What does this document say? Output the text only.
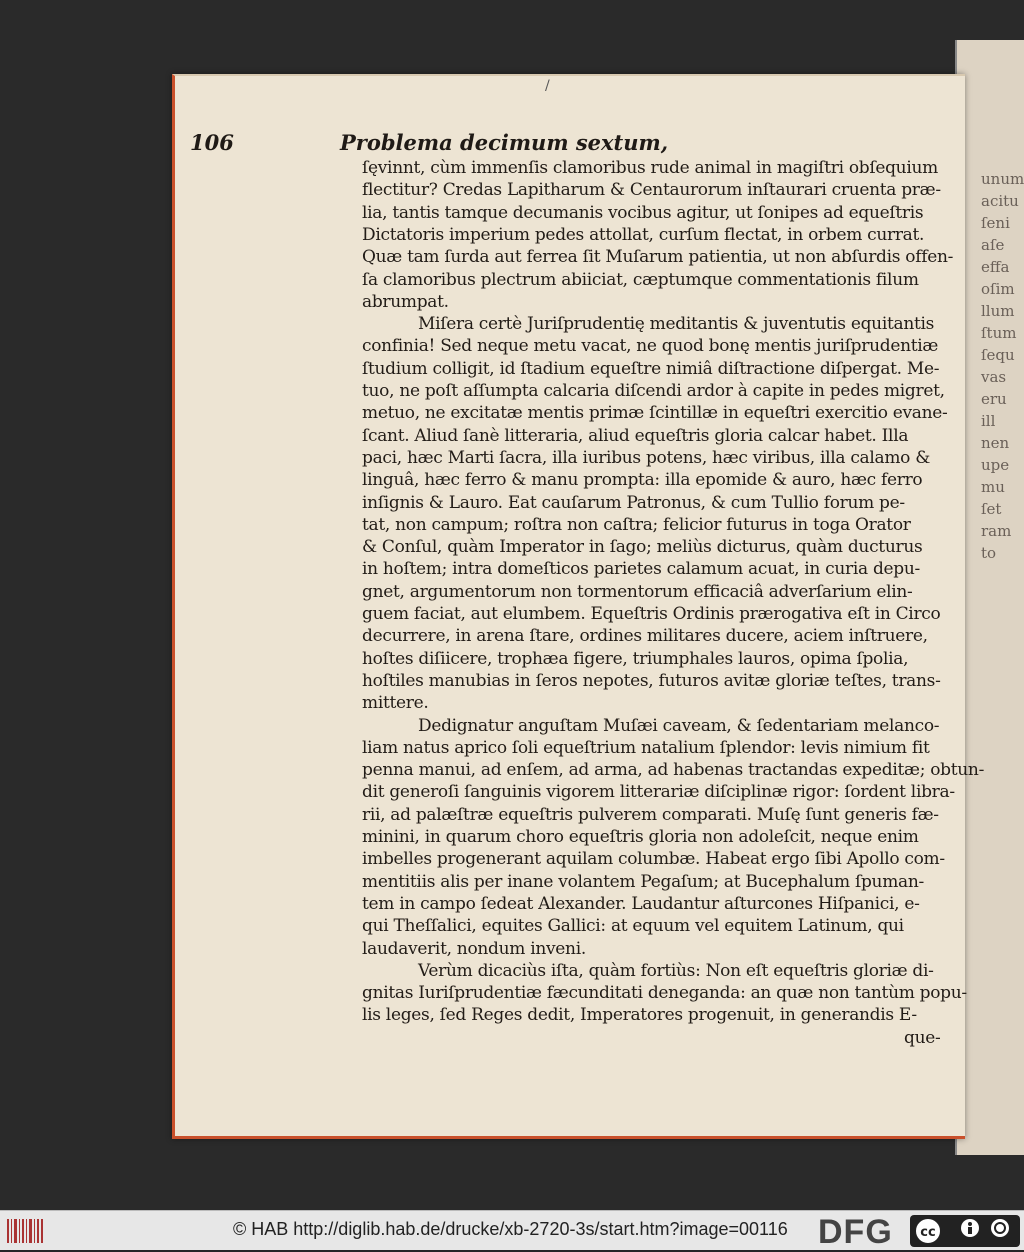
unum
acitu
ſeni
aſe
effa
oſim
llum
ſtum
ſequ
vas
eru
ill
nen
upe
mu
ſet
ram
to
/
106	Problema decimum sextum,
ſęvinnt, cùm immenſis clamoribus rude animal in magiſtri obſequium
flectitur? Credas Lapitharum & Centaurorum inſtaurari cruenta præ-
lia, tantis tamque decumanis vocibus agitur, ut ſonipes ad equeſtris
Dictatoris imperium pedes attollat, curſum flectat, in orbem currat.
Quæ tam ſurda aut ferrea ſit Muſarum patientia, ut non abſurdis offen-
ſa clamoribus plectrum abiiciat, cæptumque commentationis filum
abrumpat.
Miſera certè Juriſprudentię meditantis & juventutis equitantis
confinia! Sed neque metu vacat, ne quod bonę mentis juriſprudentiæ
ſtudium colligit, id ſtadium equeſtre nimiâ diſtractione diſpergat. Me-
tuo, ne poſt aſſumpta calcaria diſcendi ardor à capite in pedes migret,
metuo, ne excitatæ mentis primæ ſcintillæ in equeſtri exercitio evane-
ſcant. Aliud ſanè litteraria, aliud equeſtris gloria calcar habet. Illa
paci, hæc Marti ſacra, illa iuribus potens, hæc viribus, illa calamo &
linguâ, hæc ferro & manu prompta: illa epomide & auro, hæc ferro
inſignis & Lauro. Eat cauſarum Patronus, & cum Tullio forum pe-
tat, non campum; roſtra non caſtra; felicior futurus in toga Orator
& Conſul, quàm Imperator in ſago; meliùs dicturus, quàm ducturus
in hoſtem; intra domeſticos parietes calamum acuat, in curia depu-
gnet, argumentorum non tormentorum efficaciâ adverſarium elin-
guem faciat, aut elumbem. Equeſtris Ordinis prærogativa eſt in Circo
decurrere, in arena ſtare, ordines militares ducere, aciem inſtruere,
hoſtes diſiicere, trophæa figere, triumphales lauros, opima ſpolia,
hoſtiles manubias in ſeros nepotes, futuros avitæ gloriæ teſtes, trans-
mittere.
Dedignatur anguſtam Muſæi caveam, & ſedentariam melanco-
liam natus aprico ſoli equeſtrium natalium ſplendor: levis nimium fit
penna manui, ad enſem, ad arma, ad habenas tractandas expeditæ; obtun-
dit generoſi ſanguinis vigorem litterariæ diſciplinæ rigor: ſordent libra-
rii, ad palæſtræ equeſtris pulverem comparati. Muſę ſunt generis fæ-
minini, in quarum choro equeſtris gloria non adoleſcit, neque enim
imbelles progenerant aquilam columbæ. Habeat ergo ſibi Apollo com-
mentitiis alis per inane volantem Pegaſum; at Bucephalum ſpuman-
tem in campo ſedeat Alexander. Laudantur aſturcones Hiſpanici, e-
qui Theſſalici, equites Gallici: at equum vel equitem Latinum, qui
laudaverit, nondum inveni.
Verùm dicaciùs iſta, quàm fortiùs: Non eſt equeſtris gloriæ di-
gnitas Iuriſprudentiæ fæcunditati deneganda: an quæ non tantùm popu-
lis leges, ſed Reges dedit, Imperatores progenuit, in generandis E-
que-
© HAB http://diglib.hab.de/drucke/xb-2720-3s/start.htm?image=00116 DFG cc
